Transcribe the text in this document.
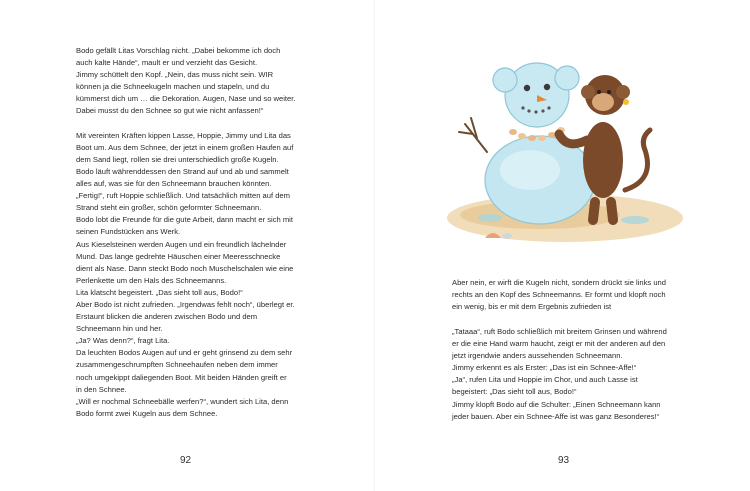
Bodo gefällt Litas Vorschlag nicht. „Dabei bekomme ich doch
auch kalte Hände“, mault er und verzieht das Gesicht.
Jimmy schüttelt den Kopf. „Nein, das muss nicht sein. WIR
können ja die Schneekugeln machen und stapeln, und du
kümmerst dich um … die Dekoration. Augen, Nase und so weiter.
Dabei musst du den Schnee so gut wie nicht anfassen!“

Mit vereinten Kräften kippen Lasse, Hoppie, Jimmy und Lita das
Boot um. Aus dem Schnee, der jetzt in einem großen Haufen auf
dem Sand liegt, rollen sie drei unterschiedlich große Kugeln.
Bodo läuft währenddessen den Strand auf und ab und sammelt
alles auf, was sie für den Schneemann brauchen könnten.
„Fertig!“, ruft Hoppie schließlich. Und tatsächlich mitten auf dem
Strand steht ein großer, schön geformter Schneemann.
Bodo lobt die Freunde für die gute Arbeit, dann macht er sich mit
seinen Fundstücken ans Werk.
Aus Kieselsteinen werden Augen und ein freundlich lächelnder
Mund. Das lange gedrehte Häuschen einer Meeresschnecke
dient als Nase. Dann steckt Bodo noch Muschelschalen wie eine
Perlenkette um den Hals des Schneemanns.
Lita klatscht begeistert. „Das sieht toll aus, Bodo!“
Aber Bodo ist nicht zufrieden. „Irgendwas fehlt noch“, überlegt er.
Erstaunt blicken die anderen zwischen Bodo und dem
Schneemann hin und her.
„Ja? Was denn?“, fragt Lita.
Da leuchten Bodos Augen auf und er geht grinsend zu dem sehr
zusammengeschrumpften Schneehaufen neben dem immer
noch umgekippt daliegenden Boot. Mit beiden Händen greift er
in den Schnee.
„Will er nochmal Schneebälle werfen?“, wundert sich Lita, denn
Bodo formt zwei Kugeln aus dem Schnee.
92
Aber nein, er wirft die Kugeln nicht, sondern drückt sie links und
rechts an den Kopf des Schneemanns. Er formt und klopft noch
ein wenig, bis er mit dem Ergebnis zufrieden ist
„Tataaa“, ruft Bodo schließlich mit breitem Grinsen und während
er die eine Hand warm haucht, zeigt er mit der anderen auf den
jetzt irgendwie anders aussehenden Schneemann.
Jimmy erkennt es als Erster: „Das ist ein Schnee-Affe!“
„Ja“, rufen Lita und Hoppie im Chor, und auch Lasse ist
begeistert: „Das sieht toll aus, Bodo!“
Jimmy klopft Bodo auf die Schulter: „Einen Schneemann kann
jeder bauen. Aber ein Schnee-Affe ist was ganz Besonderes!“
93
